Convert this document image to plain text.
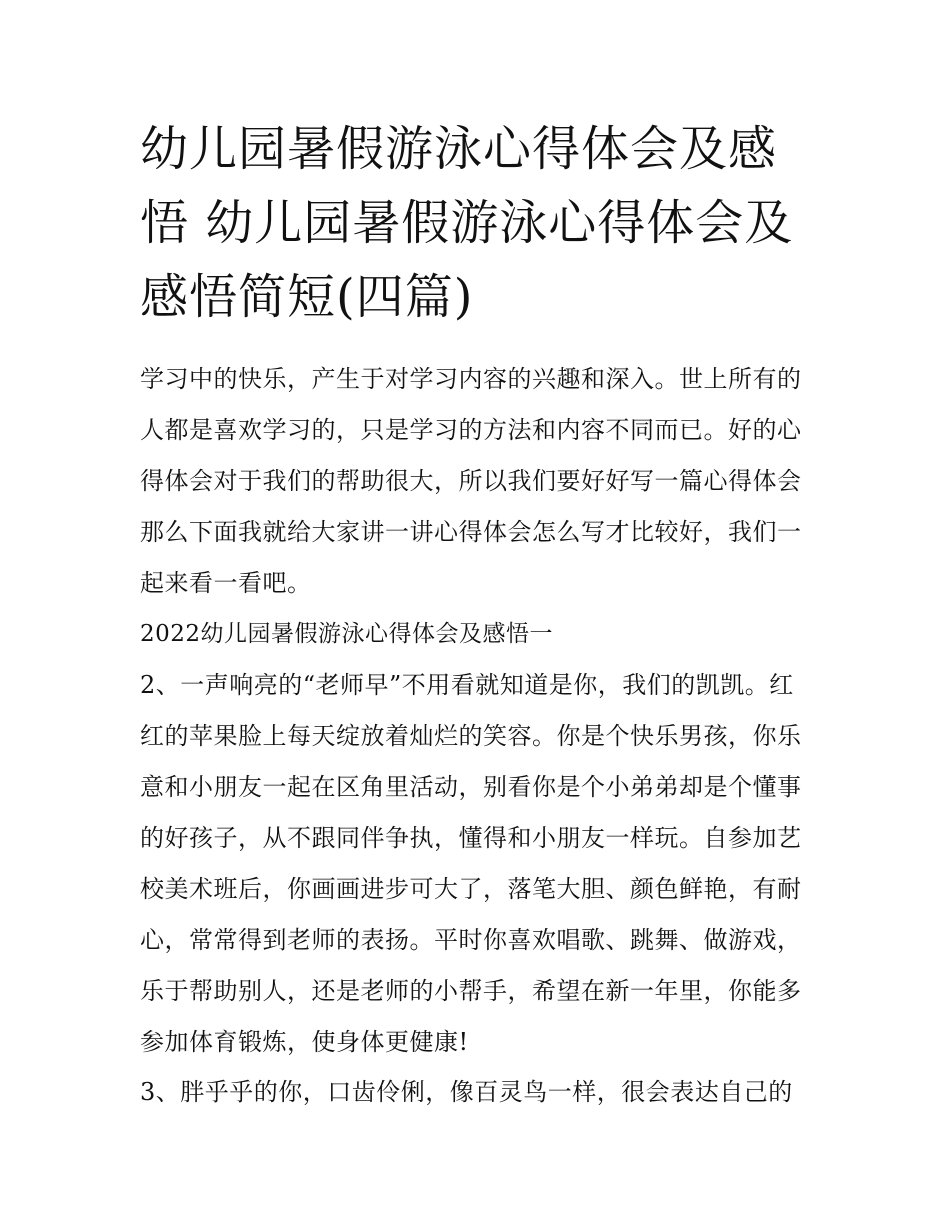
幼儿园暑假游泳心得体会及感悟 幼儿园暑假游泳心得体会及感悟简短(四篇)

学习中的快乐，产生于对学习内容的兴趣和深入。世上所有的人都是喜欢学习的，只是学习的方法和内容不同而已。好的心得体会对于我们的帮助很大，所以我们要好好写一篇心得体会那么下面我就给大家讲一讲心得体会怎么写才比较好，我们一起来看一看吧。

2022幼儿园暑假游泳心得体会及感悟一

2、一声响亮的“老师早”不用看就知道是你，我们的凯凯。红红的苹果脸上每天绽放着灿烂的笑容。你是个快乐男孩，你乐意和小朋友一起在区角里活动，别看你是个小弟弟却是个懂事的好孩子，从不跟同伴争执，懂得和小朋友一样玩。自参加艺校美术班后，你画画进步可大了，落笔大胆、颜色鲜艳，有耐心，常常得到老师的表扬。平时你喜欢唱歌、跳舞、做游戏，乐于帮助别人，还是老师的小帮手，希望在新一年里，你能多参加体育锻炼，使身体更健康!

3、胖乎乎的你，口齿伶俐，像百灵鸟一样，很会表达自己的
